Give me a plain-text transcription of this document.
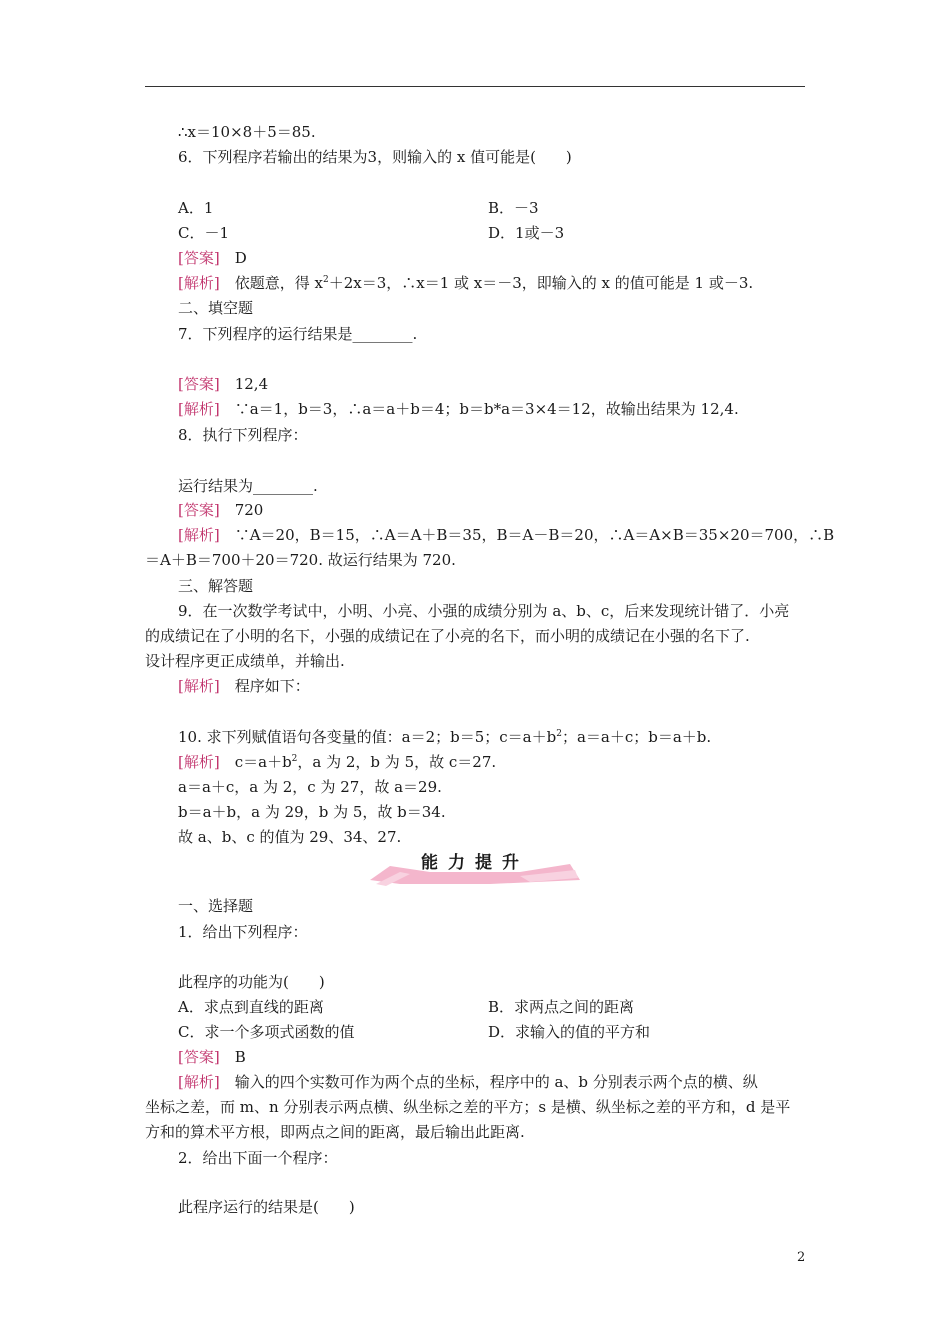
∴x＝10×8＋5＝85.
6．下列程序若输出的结果为3，则输入的 x 值可能是(　　)
A．1	B．－3
C．－1	D．1或－3
[答案]　D
[解析]　依题意，得 $x^2+2x=3$，∴x＝1 或 x＝－3，即输入的 x 的值可能是 1 或－3.
二、填空题
7．下列程序的运行结果是________.
[答案]　12,4
[解析]　∵a＝1，b＝3，∴a＝a＋b＝4；b＝b*a＝3×4＝12，故输出结果为 12,4.
8．执行下列程序：
运行结果为________.
[答案]　720
[解析]　∵A＝20，B＝15，∴A＝A＋B＝35，B＝A－B＝20，∴A＝A×B＝35×20＝700，∴B
＝A＋B＝700＋20＝720. 故运行结果为 720.
三、解答题
9．在一次数学考试中，小明、小亮、小强的成绩分别为 a、b、c，后来发现统计错了．小亮
的成绩记在了小明的名下，小强的成绩记在了小亮的名下，而小明的成绩记在小强的名下了.
设计程序更正成绩单，并输出.
[解析]　程序如下：
10. 求下列赋值语句各变量的值：a＝2；b＝5；$c=a+b^2$；a＝a＋c；b＝a＋b.
[解析]　$c=a+b^2$，a 为 2，b 为 5，故 c＝27.
a＝a＋c，a 为 2，c 为 27，故 a＝29.
b＝a＋b，a 为 29，b 为 5，故 b＝34.
故 a、b、c 的值为 29、34、27.
能力提升
一、选择题
1．给出下列程序：
此程序的功能为(　　)
A．求点到直线的距离	B．求两点之间的距离
C．求一个多项式函数的值	D．求输入的值的平方和
[答案]　B
[解析]　输入的四个实数可作为两个点的坐标，程序中的 a、b 分别表示两个点的横、纵
坐标之差，而 m、n 分别表示两点横、纵坐标之差的平方；s 是横、纵坐标之差的平方和，d 是平
方和的算术平方根，即两点之间的距离，最后输出此距离.
2．给出下面一个程序：
此程序运行的结果是(　　)
2
